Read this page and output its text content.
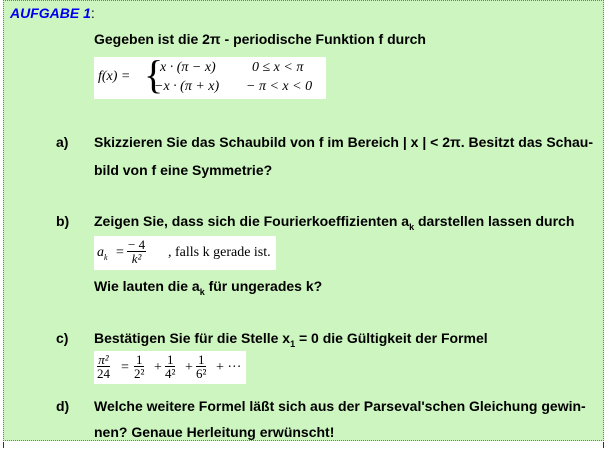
AUFGABE 1:
Gegeben ist die 2π - periodische Funktion f durch
f(x) = {
x · (π − x)	0 ≤ x < π
−x · (π + x) − π < x < 0
a) Skizzieren Sie das Schaubild von f im Bereich | x | < 2π. Besitzt das Schau-
bild von f eine Symmetrie?
b) Zeigen Sie, dass sich die Fourierkoeffizienten $a_k$ darstellen lassen durch
$a_k = \frac{- 4}{\text{k²}}$ , falls k gerade ist.
Wie lauten die $a_k$ für ungerades k?
c) Bestätigen Sie für die Stelle $x_1 = 0$ die Gültigkeit der Formel
$\frac{\text{π²}}{24} = \frac{1}{\text{2²}} + \frac{1}{\text{4²}} + \frac{1}{\text{6²}}$ + ···
d) Welche weitere Formel läßt sich aus der Parseval'schen Gleichung gewin-
nen? Genaue Herleitung erwünscht!
